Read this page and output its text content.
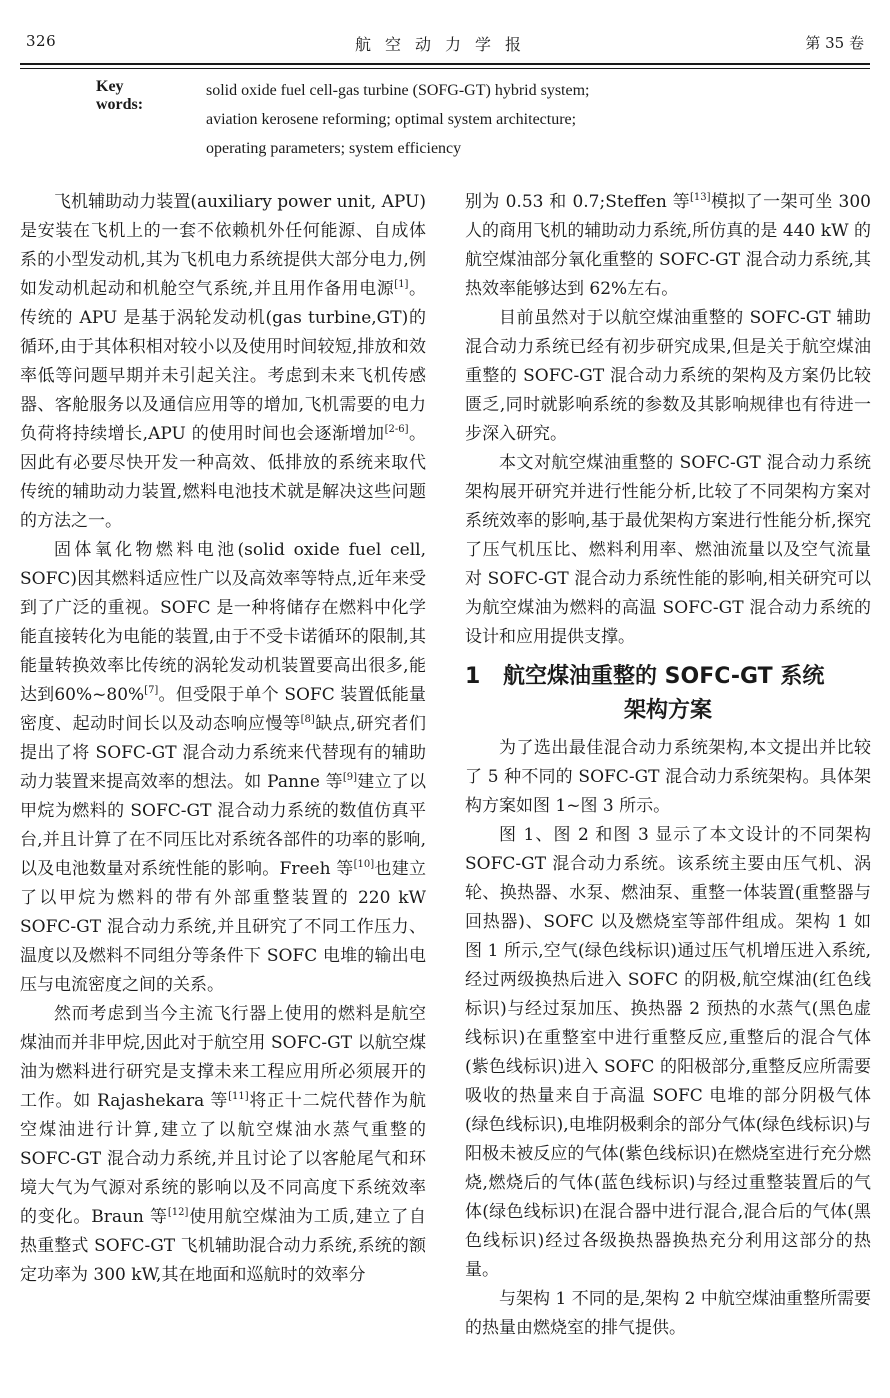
326	航空动力学报	第 35 卷
Key words:
solid oxide fuel cell-gas turbine (SOFG-GT) hybrid system;
aviation kerosene reforming; optimal system architecture;
operating parameters; system efficiency

飞机辅助动力装置(auxiliary power unit, APU)是安装在飞机上的一套不依赖机外任何能源、自成体系的小型发动机,其为飞机电力系统提供大部分电力,例如发动机起动和机舱空气系统,并且用作备用电源[1]。传统的 APU 是基于涡轮发动机(gas turbine,GT)的循环,由于其体积相对较小以及使用时间较短,排放和效率低等问题早期并未引起关注。考虑到未来飞机传感器、客舱服务以及通信应用等的增加,飞机需要的电力负荷将持续增长,APU 的使用时间也会逐渐增加[2-6]。因此有必要尽快开发一种高效、低排放的系统来取代传统的辅助动力装置,燃料电池技术就是解决这些问题的方法之一。

固体氧化物燃料电池(solid oxide fuel cell, SOFC)因其燃料适应性广以及高效率等特点,近年来受到了广泛的重视。SOFC 是一种将储存在燃料中化学能直接转化为电能的装置,由于不受卡诺循环的限制,其能量转换效率比传统的涡轮发动机装置要高出很多,能达到60%~80%[7]。但受限于单个 SOFC 装置低能量密度、起动时间长以及动态响应慢等[8]缺点,研究者们提出了将 SOFC-GT 混合动力系统来代替现有的辅助动力装置来提高效率的想法。如 Panne 等[9]建立了以甲烷为燃料的 SOFC-GT 混合动力系统的数值仿真平台,并且计算了在不同压比对系统各部件的功率的影响,以及电池数量对系统性能的影响。Freeh 等[10]也建立了以甲烷为燃料的带有外部重整装置的 220 kW SOFC-GT 混合动力系统,并且研究了不同工作压力、温度以及燃料不同组分等条件下 SOFC 电堆的输出电压与电流密度之间的关系。

然而考虑到当今主流飞行器上使用的燃料是航空煤油而并非甲烷,因此对于航空用 SOFC-GT 以航空煤油为燃料进行研究是支撑未来工程应用所必须展开的工作。如 Rajashekara 等[11]将正十二烷代替作为航空煤油进行计算,建立了以航空煤油水蒸气重整的 SOFC-GT 混合动力系统,并且讨论了以客舱尾气和环境大气为气源对系统的影响以及不同高度下系统效率的变化。Braun 等[12]使用航空煤油为工质,建立了自热重整式 SOFC-GT 飞机辅助混合动力系统,系统的额定功率为 300 kW,其在地面和巡航时的效率分

别为 0.53 和 0.7;Steffen 等[13]模拟了一架可坐 300 人的商用飞机的辅助动力系统,所仿真的是 440 kW 的航空煤油部分氧化重整的 SOFC-GT 混合动力系统,其热效率能够达到 62%左右。

目前虽然对于以航空煤油重整的 SOFC-GT 辅助混合动力系统已经有初步研究成果,但是关于航空煤油重整的 SOFC-GT 混合动力系统的架构及方案仍比较匮乏,同时就影响系统的参数及其影响规律也有待进一步深入研究。

本文对航空煤油重整的 SOFC-GT 混合动力系统架构展开研究并进行性能分析,比较了不同架构方案对系统效率的影响,基于最优架构方案进行性能分析,探究了压气机压比、燃料利用率、燃油流量以及空气流量对 SOFC-GT 混合动力系统性能的影响,相关研究可以为航空煤油为燃料的高温 SOFC-GT 混合动力系统的设计和应用提供支撑。

1 航空煤油重整的 SOFC-GT 系统
架构方案

为了选出最佳混合动力系统架构,本文提出并比较了 5 种不同的 SOFC-GT 混合动力系统架构。具体架构方案如图 1~图 3 所示。

图 1、图 2 和图 3 显示了本文设计的不同架构 SOFC-GT 混合动力系统。该系统主要由压气机、涡轮、换热器、水泵、燃油泵、重整一体装置(重整器与回热器)、SOFC 以及燃烧室等部件组成。架构 1 如图 1 所示,空气(绿色线标识)通过压气机增压进入系统,经过两级换热后进入 SOFC 的阴极,航空煤油(红色线标识)与经过泵加压、换热器 2 预热的水蒸气(黑色虚线标识)在重整室中进行重整反应,重整后的混合气体(紫色线标识)进入 SOFC 的阳极部分,重整反应所需要吸收的热量来自于高温 SOFC 电堆的部分阴极气体(绿色线标识),电堆阴极剩余的部分气体(绿色线标识)与阳极未被反应的气体(紫色线标识)在燃烧室进行充分燃烧,燃烧后的气体(蓝色线标识)与经过重整装置后的气体(绿色线标识)在混合器中进行混合,混合后的气体(黑色线标识)经过各级换热器换热充分利用这部分的热量。

与架构 1 不同的是,架构 2 中航空煤油重整所需要的热量由燃烧室的排气提供。
